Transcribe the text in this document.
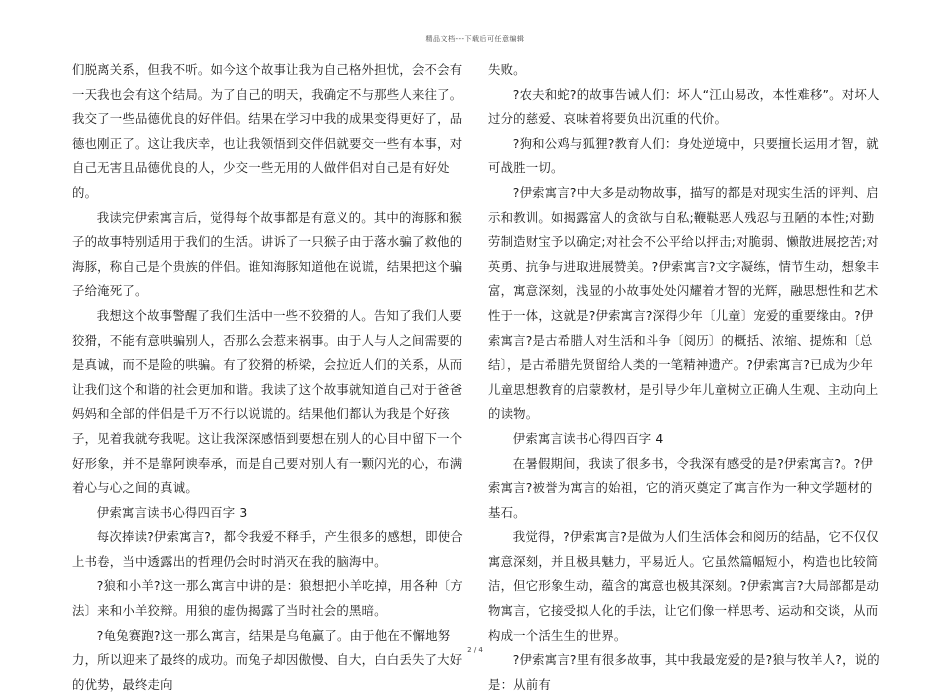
精品文档---下载后可任意编辑

们脱离关系，但我不听。如今这个故事让我为自己格外担忧，会不会有一天我也会有这个结局。为了自己的明天，我确定不与那些人来往了。我交了一些品德优良的好伴侣。结果在学习中我的成果变得更好了，品德也刚正了。这让我庆幸，也让我领悟到交伴侣就要交一些有本事，对自己无害且品德优良的人，少交一些无用的人做伴侣对自己是有好处的。

我读完伊索寓言后，觉得每个故事都是有意义的。其中的海豚和猴子的故事特别适用于我们的生活。讲诉了一只猴子由于落水骗了救他的海豚，称自己是个贵族的伴侣。谁知海豚知道他在说谎，结果把这个骗子给淹死了。

我想这个故事警醒了我们生活中一些不狡猾的人。告知了我们人要狡猾，不能有意哄骗别人，否那么会惹来祸事。由于人与人之间需要的是真诚，而不是险的哄骗。有了狡猾的桥梁，会拉近人们的关系，从而让我们这个和谐的社会更加和谐。我读了这个故事就知道自己对于爸爸妈妈和全部的伴侣是千万不行以说谎的。结果他们都认为我是个好孩子，见着我就夸我呢。这让我深深感悟到要想在别人的心目中留下一个好形象，并不是靠阿谀奉承，而是自己要对别人有一颗闪光的心，布满着心与心之间的真诚。

伊索寓言读书心得四百字 3

每次捧读?伊索寓言?，都令我爱不释手，产生很多的感想，即使合上书卷，当中透露出的哲理仍会时时消灭在我的脑海中。

?狼和小羊?这一那么寓言中讲的是：狼想把小羊吃掉，用各种〔方法〕来和小羊狡辩。用狼的虚伪揭露了当时社会的黑暗。

?龟兔赛跑?这一那么寓言，结果是乌龟赢了。由于他在不懈地努力，所以迎来了最终的成功。而兔子却因傲慢、自大，白白丢失了大好的优势，最终走向

失败。

?农夫和蛇?的故事告诫人们：坏人“江山易改，本性难移”。对坏人过分的慈爱、哀味着将要负出沉重的代价。

?狗和公鸡与狐狸?教育人们：身处逆境中，只要擅长运用才智，就可战胜一切。

?伊索寓言?中大多是动物故事，描写的都是对现实生活的评判、启示和教训。如揭露富人的贪欲与自私;鞭鞑恶人残忍与丑陋的本性;对勤劳制造财宝予以确定;对社会不公平给以抨击;对脆弱、懒散进展挖苦;对英勇、抗争与进取进展赞美。?伊索寓言?文字凝练，情节生动，想象丰富，寓意深刻，浅显的小故事处处闪耀着才智的光辉，融思想性和艺术性于一体，这就是?伊索寓言?深得少年〔儿童〕宠爱的重要缘由。?伊索寓言?是古希腊人对生活和斗争〔阅历〕的概括、浓缩、提炼和〔总结〕，是古希腊先贤留给人类的一笔精神遗产。?伊索寓言?已成为少年儿童思想教育的启蒙教材，是引导少年儿童树立正确人生观、主动向上的读物。

伊索寓言读书心得四百字 4

在暑假期间，我读了很多书，令我深有感受的是?伊索寓言?。?伊索寓言?被誉为寓言的始祖，它的消灭奠定了寓言作为一种文学题材的基石。

我觉得，?伊索寓言?是做为人们生活体会和阅历的结晶，它不仅仅寓意深刻，并且极具魅力，平易近人。它虽然篇幅短小，构造也比较简洁，但它形象生动，蕴含的寓意也极其深刻。?伊索寓言?大局部都是动物寓言，它接受拟人化的手法，让它们像一样思考、运动和交谈，从而构成一个活生生的世界。

?伊索寓言?里有很多故事，其中我最宠爱的是?狼与牧羊人?，说的是：从前有

2 / 4
